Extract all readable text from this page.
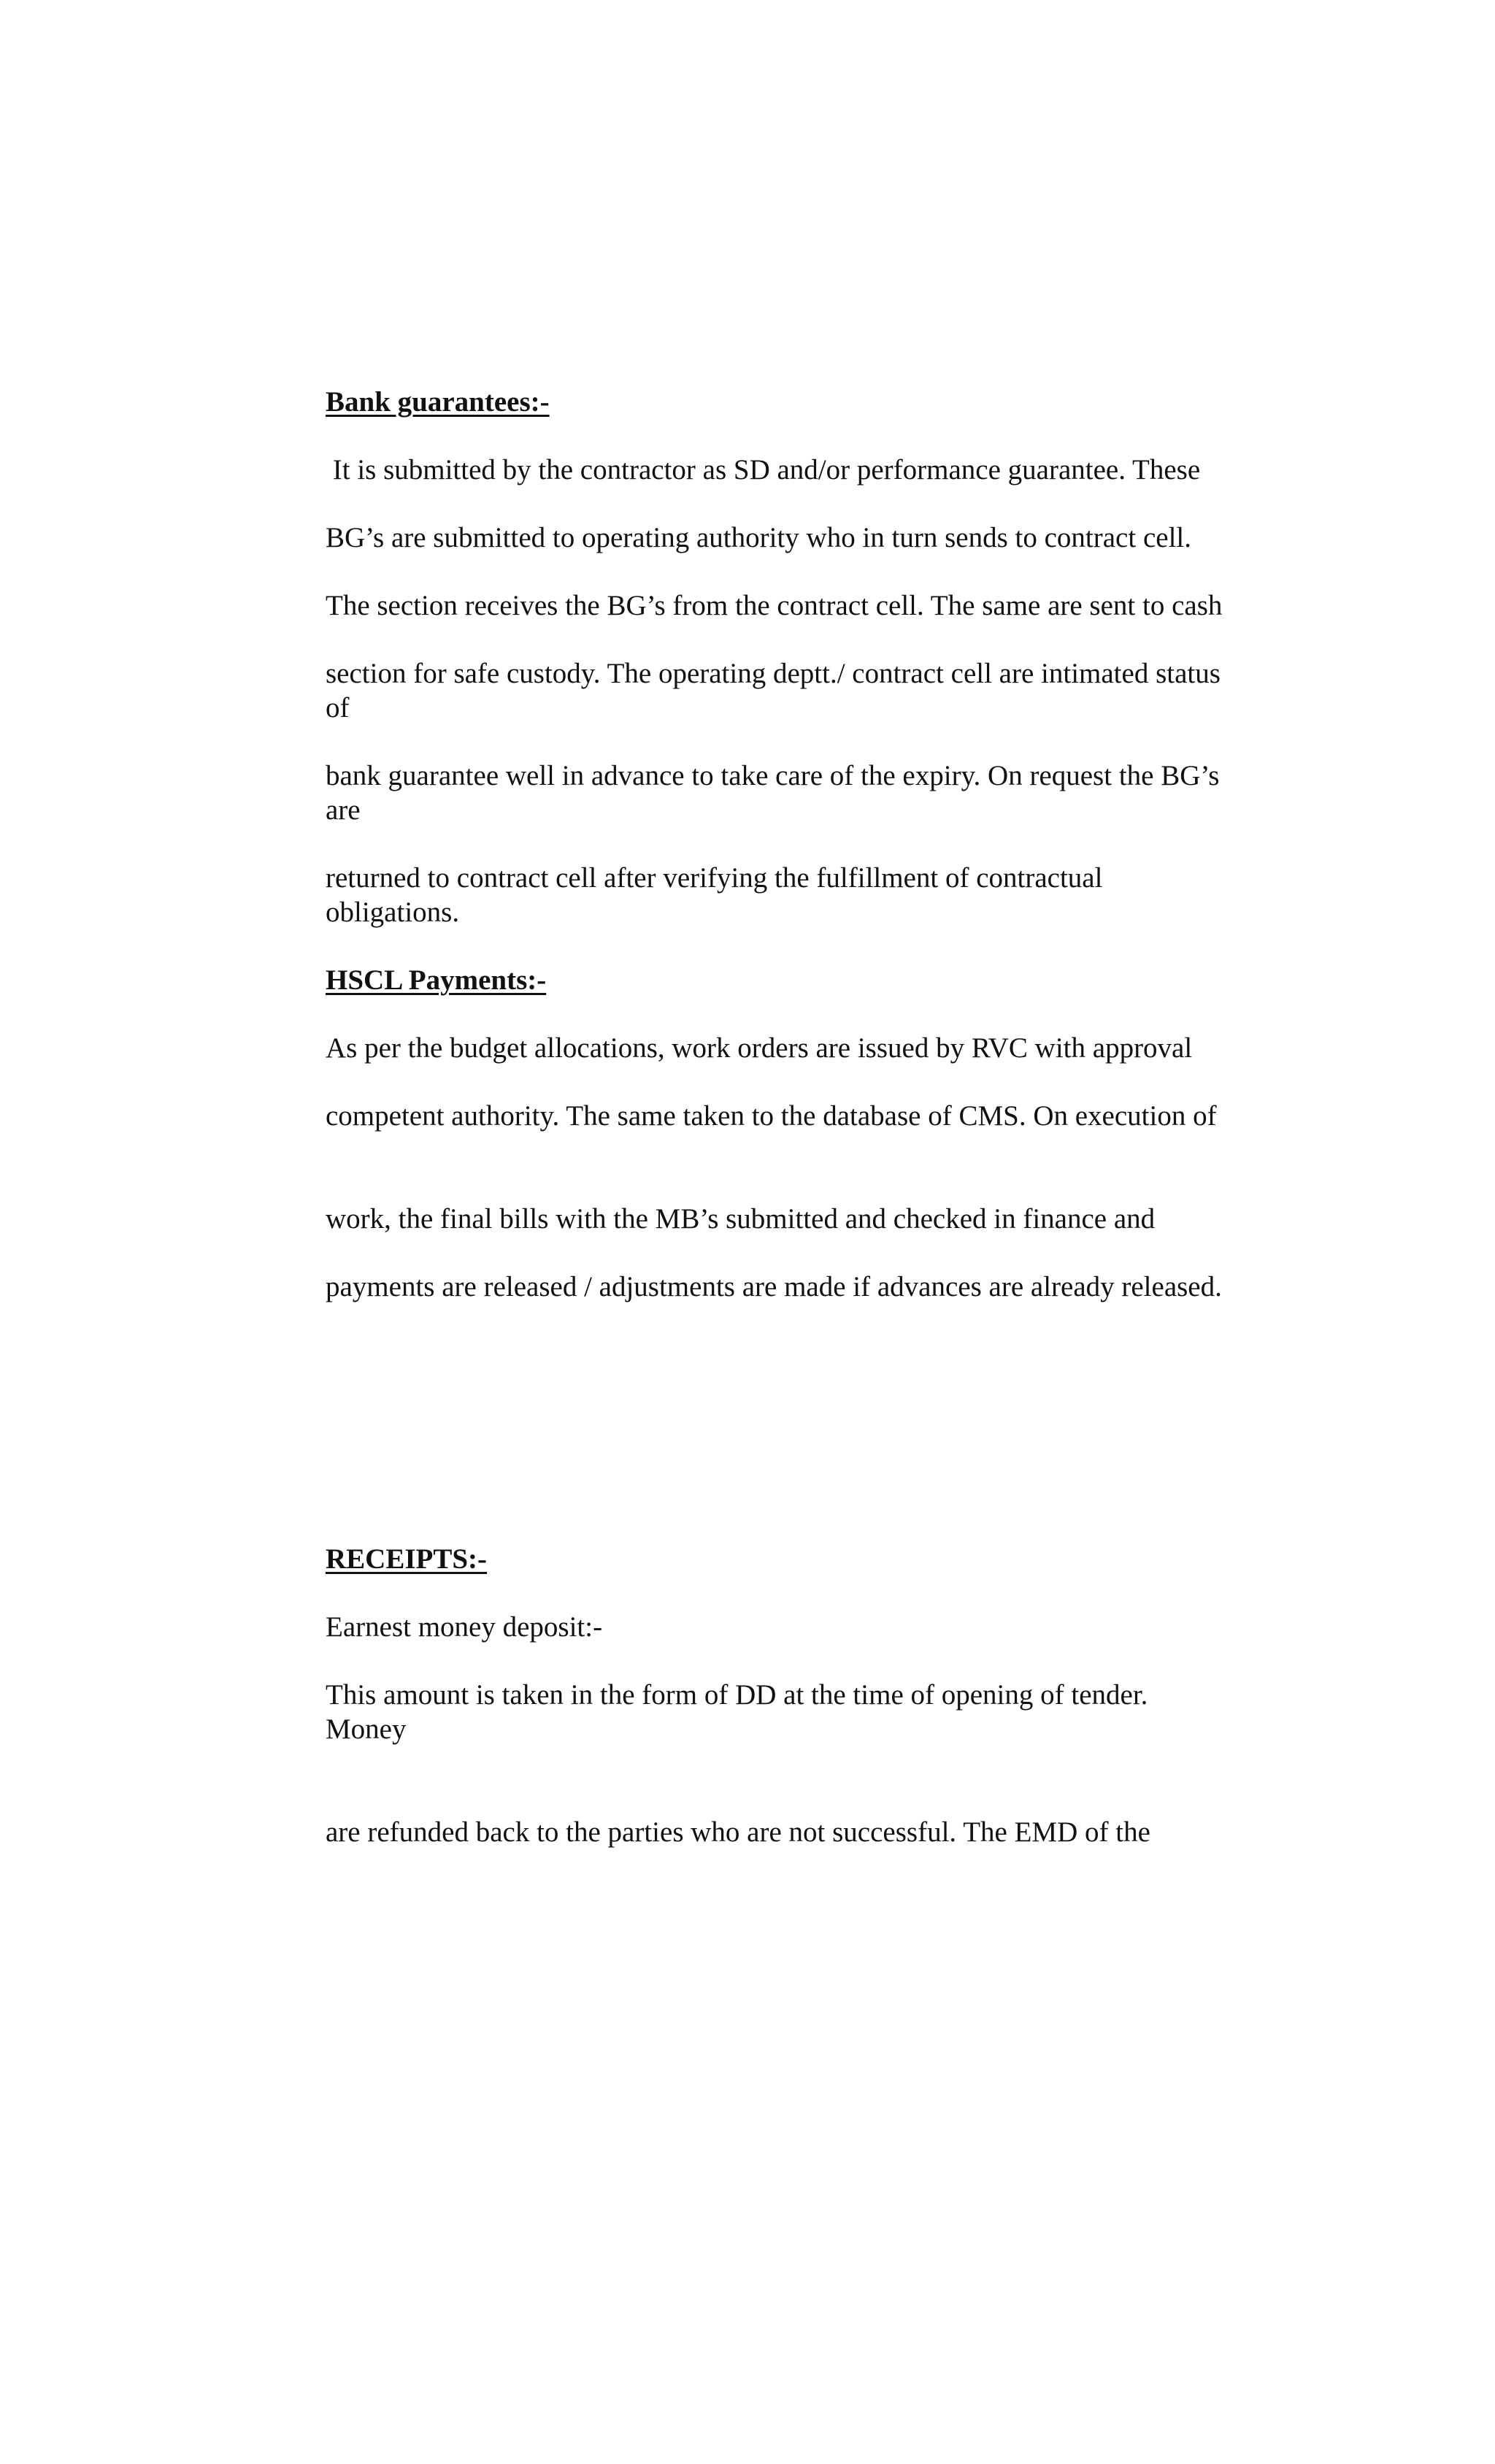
Bank guarantees:-
It is submitted by the contractor as SD and/or performance guarantee. These
BG’s are submitted to operating authority who in turn sends to contract cell.
The section receives the BG’s from the contract cell. The same are sent to cash
section for safe custody. The operating deptt./ contract cell are intimated status
of
bank guarantee well in advance to take care of the expiry. On request the BG’s
are
returned to contract cell after verifying the fulfillment of contractual
obligations.
HSCL Payments:-
As per the budget allocations, work orders are issued by RVC with approval
competent authority. The same taken to the database of CMS. On execution of
work, the final bills with the MB’s submitted and checked in finance and
payments are released / adjustments are made if advances are already released.
RECEIPTS:-
Earnest money deposit:-
This amount is taken in the form of DD at the time of opening of tender.
Money
are refunded back to the parties who are not successful. The EMD of the
